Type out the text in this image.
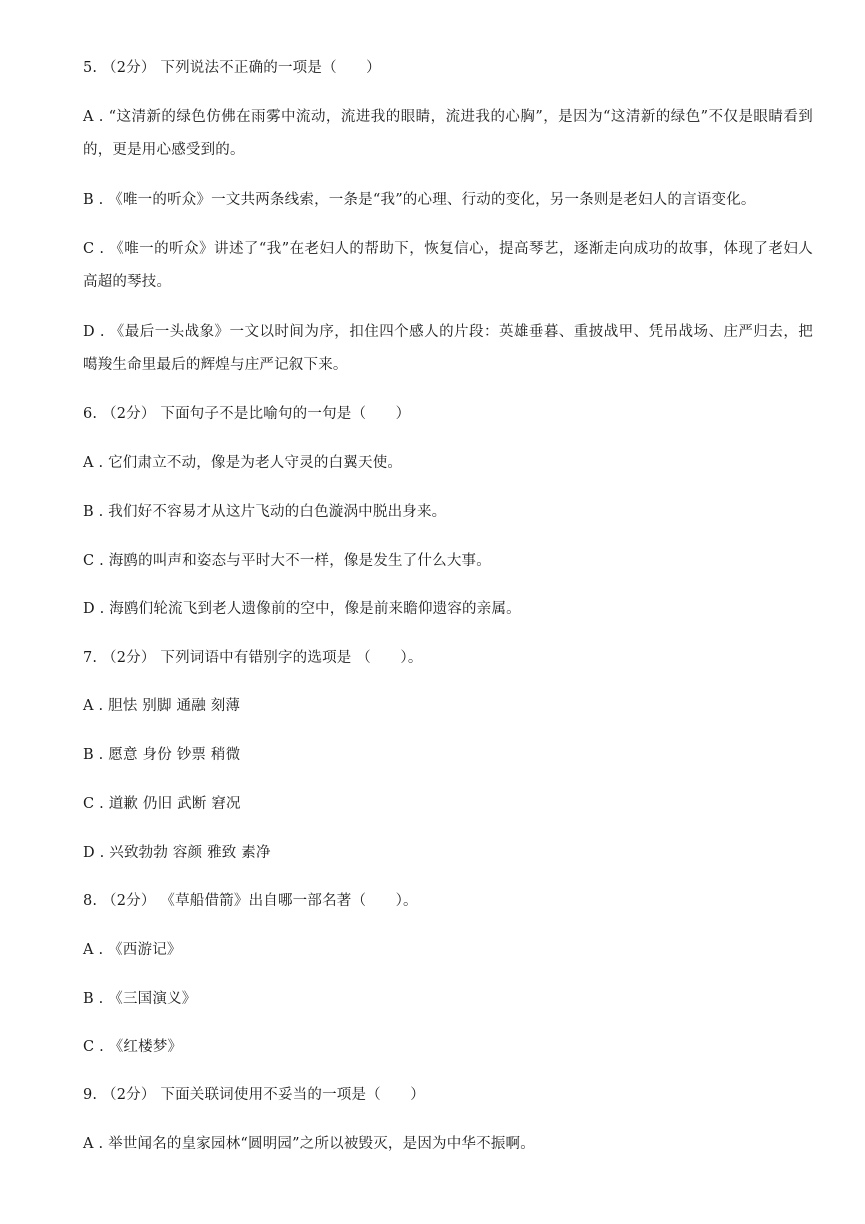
5. （2分） 下列说法不正确的一项是（　　）
A . “这清新的绿色仿佛在雨雾中流动，流进我的眼睛，流进我的心胸”，是因为“这清新的绿色”不仅是眼睛看到的，更是用心感受到的。
B . 《唯一的听众》一文共两条线索，一条是“我”的心理、行动的变化，另一条则是老妇人的言语变化。
C . 《唯一的听众》讲述了“我”在老妇人的帮助下，恢复信心，提高琴艺，逐渐走向成功的故事，体现了老妇人高超的琴技。
D . 《最后一头战象》一文以时间为序，扣住四个感人的片段：英雄垂暮、重披战甲、凭吊战场、庄严归去，把噶羧生命里最后的辉煌与庄严记叙下来。
6. （2分） 下面句子不是比喻句的一句是（　　）
A . 它们肃立不动，像是为老人守灵的白翼天使。
B . 我们好不容易才从这片飞动的白色漩涡中脱出身来。
C . 海鸥的叫声和姿态与平时大不一样，像是发生了什么大事。
D . 海鸥们轮流飞到老人遗像前的空中，像是前来瞻仰遗容的亲属。
7. （2分） 下列词语中有错别字的选项是 （　　）。
A . 胆怯 别脚 通融 刻薄
B . 愿意 身份 钞票 稍微
C . 道歉 仍旧 武断 窘况
D . 兴致勃勃 容颜 雅致 素净
8. （2分） 《草船借箭》出自哪一部名著（　　）。
A . 《西游记》
B . 《三国演义》
C . 《红楼梦》
9. （2分） 下面关联词使用不妥当的一项是（　　）
A . 举世闻名的皇家园林“圆明园”之所以被毁灭，是因为中华不振啊。
